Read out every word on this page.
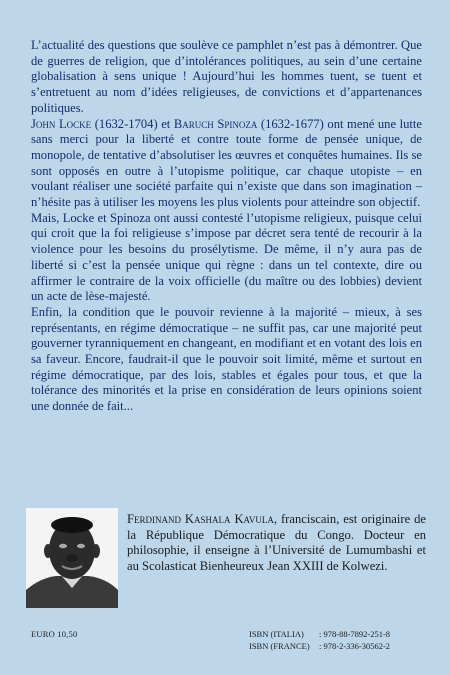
L’actualité des questions que soulève ce pamphlet n’est pas à démontrer. Que de guerres de religion, que d’intolérances politiques, au sein d’une certaine globalisation à sens unique ! Aujourd’hui les hommes tuent, se tuent et s’entretuent au nom d’idées religieuses, de convictions et d’appartenances politiques.

John Locke (1632-1704) et Baruch Spinoza (1632-1677) ont mené une lutte sans merci pour la liberté et contre toute forme de pensée unique, de monopole, de tentative d’absolutiser les œuvres et conquêtes humaines. Ils se sont opposés en outre à l’utopisme politique, car chaque utopiste – en voulant réaliser une société parfaite qui n’existe que dans son imagination – n’hésite pas à utiliser les moyens les plus violents pour atteindre son objectif.

Mais, Locke et Spinoza ont aussi contesté l’utopisme religieux, puisque celui qui croit que la foi religieuse s’impose par décret sera tenté de recourir à la violence pour les besoins du prosélytisme. De même, il n’y aura pas de liberté si c’est la pensée unique qui règne : dans un tel contexte, dire ou affirmer le contraire de la voix officielle (du maître ou des lobbies) devient un acte de lèse-majesté.

Enfin, la condition que le pouvoir revienne à la majorité – mieux, à ses représentants, en régime démocratique – ne suffit pas, car une majorité peut gouverner tyranniquement en changeant, en modifiant et en votant des lois en sa faveur. Encore, faudrait-il que le pouvoir soit limité, même et surtout en régime démocratique, par des lois, stables et égales pour tous, et que la tolérance des minorités et la prise en considération de leurs opinions soient une donnée de fait...

Ferdinand Kashala Kavula, franciscain, est originaire de la République Démocratique du Congo. Docteur en philosophie, il enseigne à l’Université de Lumumbashi et au Scolasticat Bienheureux Jean XXIII de Kolwezi.
EURO 10,50	ISBN (ITALIA) : 978-88-7892-251-8
ISBN (FRANCE) : 978-2-336-30562-2
